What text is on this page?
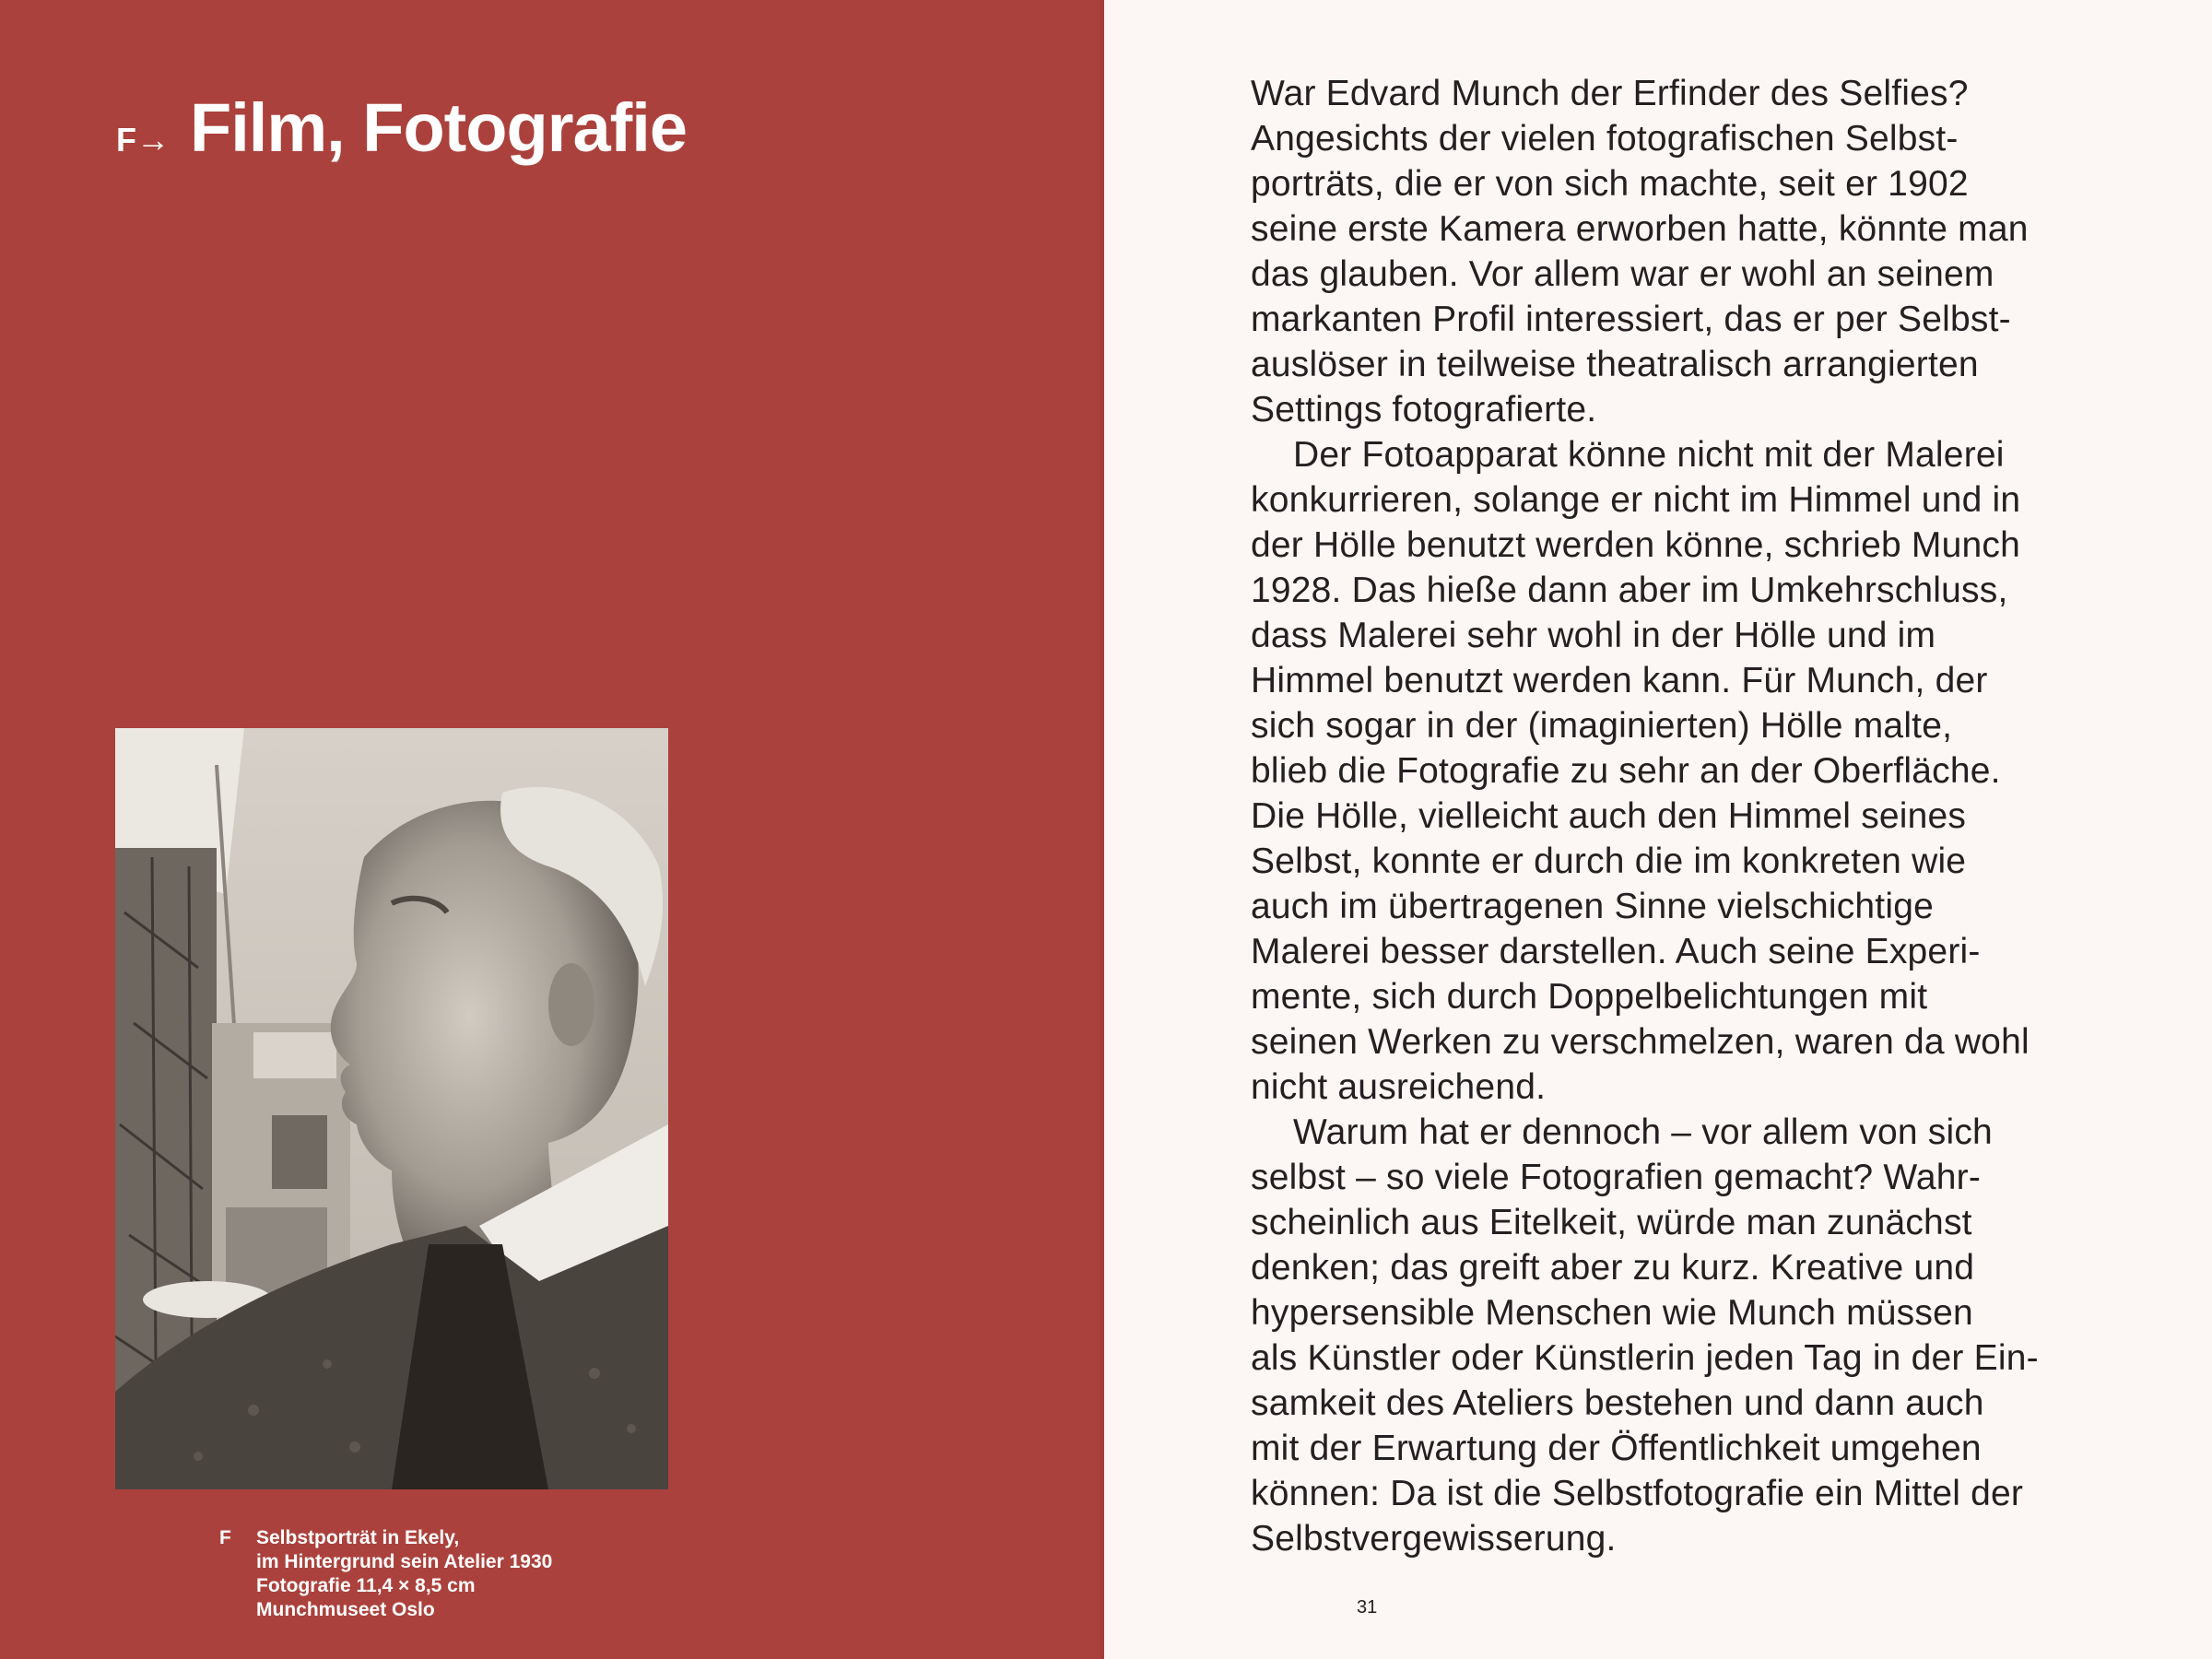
F→ Film, Fotografie
F Selbstporträt in Ekely,
im Hintergrund sein Atelier 1930
Fotografie 11,4 × 8,5 cm
Munchmuseet Oslo
War Edvard Munch der Erfinder des Selfies?
Angesichts der vielen fotografischen Selbst-
porträts, die er von sich machte, seit er 1902
seine erste Kamera erworben hatte, könnte man
das glauben. Vor allem war er wohl an seinem
markanten Profil interessiert, das er per Selbst-
auslöser in teilweise theatralisch arrangierten
Settings fotografierte.
Der Fotoapparat könne nicht mit der Malerei
konkurrieren, solange er nicht im Himmel und in
der Hölle benutzt werden könne, schrieb Munch
1928. Das hieße dann aber im Umkehrschluss,
dass Malerei sehr wohl in der Hölle und im
Himmel benutzt werden kann. Für Munch, der
sich sogar in der (imaginierten) Hölle malte,
blieb die Fotografie zu sehr an der Oberfläche.
Die Hölle, vielleicht auch den Himmel seines
Selbst, konnte er durch die im konkreten wie
auch im übertragenen Sinne vielschichtige
Malerei besser darstellen. Auch seine Experi-
mente, sich durch Doppelbelichtungen mit
seinen Werken zu verschmelzen, waren da wohl
nicht ausreichend.
Warum hat er dennoch – vor allem von sich
selbst – so viele Fotografien gemacht? Wahr-
scheinlich aus Eitelkeit, würde man zunächst
denken; das greift aber zu kurz. Kreative und
hypersensible Menschen wie Munch müssen
als Künstler oder Künstlerin jeden Tag in der Ein-
samkeit des Ateliers bestehen und dann auch
mit der Erwartung der Öffentlichkeit umgehen
können: Da ist die Selbstfotografie ein Mittel der
Selbstvergewisserung.
31
